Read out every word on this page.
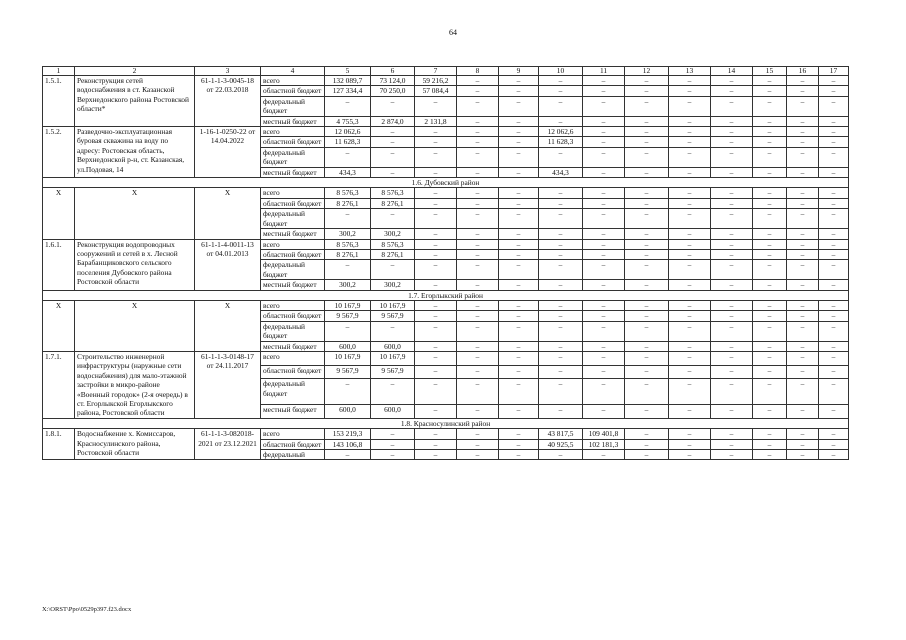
64
1	2	3	4	5	6	7	8	9	10	11	12	13	14	15	16	17
1.5.1.	Реконструкция сетей водоснабжения в ст. Казанской Верхнедонского района Ростовской области*	61-1-1-3-0045-18 от 22.03.2018	всего	132 089,7	73 124,0	59 216,2	–	–	–	–	–	–	–	–	–	–
			областной бюджет	127 334,4	70 250,0	57 084,4	–	–	–	–	–	–	–	–	–	–
			федеральный бюджет	–	–	–	–	–	–	–	–	–	–	–	–	–
			местный бюджет	4 755,3	2 874,0	2 131,8	–	–	–	–	–	–	–	–	–	–
1.5.2.	Разведочно-эксплуатационная буровая скважина на воду по адресу: Ростовская область, Верхнедонской р-н, ст. Казанская, ул.Подовая, 14	1-16-1-0250-22 от 14.04.2022	всего	12 062,6	–	–	–	–	12 062,6	–	–	–	–	–	–	–
			областной бюджет	11 628,3	–	–	–	–	11 628,3	–	–	–	–	–	–	–
			федеральный бюджет	–	–	–	–	–	–	–	–	–	–	–	–	–
			местный бюджет	434,3	–	–	–	–	434,3	–	–	–	–	–	–	–
1.6. Дубовский район																
Х	Х	Х	всего	8 576,3	8 576,3	–	–	–	–	–	–	–	–	–	–	–
			областной бюджет	8 276,1	8 276,1	–	–	–	–	–	–	–	–	–	–	–
			федеральный бюджет	–	–	–	–	–	–	–	–	–	–	–	–	–
			местный бюджет	300,2	300,2	–	–	–	–	–	–	–	–	–	–	–
1.6.1.	Реконструкция водопроводных сооружений и сетей в х. Лесной Барабанщиковского сельского поселения Дубовского района Ростовской области	61-1-1-4-0011-13 от 04.01.2013	всего	8 576,3	8 576,3	–	–	–	–	–	–	–	–	–	–	–
			областной бюджет	8 276,1	8 276,1	–	–	–	–	–	–	–	–	–	–	–
			федеральный бюджет	–	–	–	–	–	–	–	–	–	–	–	–	–
			местный бюджет	300,2	300,2	–	–	–	–	–	–	–	–	–	–	–
1.7. Егорлыкский район																
Х	Х	Х	всего	10 167,9	10 167,9	–	–	–	–	–	–	–	–	–	–	–
			областной бюджет	9 567,9	9 567,9	–	–	–	–	–	–	–	–	–	–	–
			федеральный бюджет	–	–	–	–	–	–	–	–	–	–	–	–	–
			местный бюджет	600,0	600,0	–	–	–	–	–	–	–	–	–	–	–
1.7.1.	Строительство инженерной инфраструктуры (наружные сети водоснабжения) для мало-этажной застройки в микро-районе «Военный городок» (2-я очередь) в ст. Егорлыкской Егорлыкского района, Ростовской области	61-1-1-3-0148-17 от 24.11.2017	всего	10 167,9	10 167,9	–	–	–	–	–	–	–	–	–	–	–
			областной бюджет	9 567,9	9 567,9	–	–	–	–	–	–	–	–	–	–	–
			федеральный бюджет	–	–	–	–	–	–	–	–	–	–	–	–	–
			местный бюджет	600,0	600,0	–	–	–	–	–	–	–	–	–	–	–
1.8. Красносулинский район																
1.8.1.	Водоснабжение х. Комиссаров, Красносулинского района, Ростовской области	61-1-1-3-082018-2021 от 23.12.2021	всего	153 219,3	–	–	–	–	43 817,5	109 401,8	–	–	–	–	–	–
			областной бюджет	143 106,8	–	–	–	–	40 925,5	102 181,3	–	–	–	–	–	–
			федеральный	–	–	–	–	–	–	–	–	–	–	–	–	–
X:\ORST\Ppo\0529p397.f23.docx
